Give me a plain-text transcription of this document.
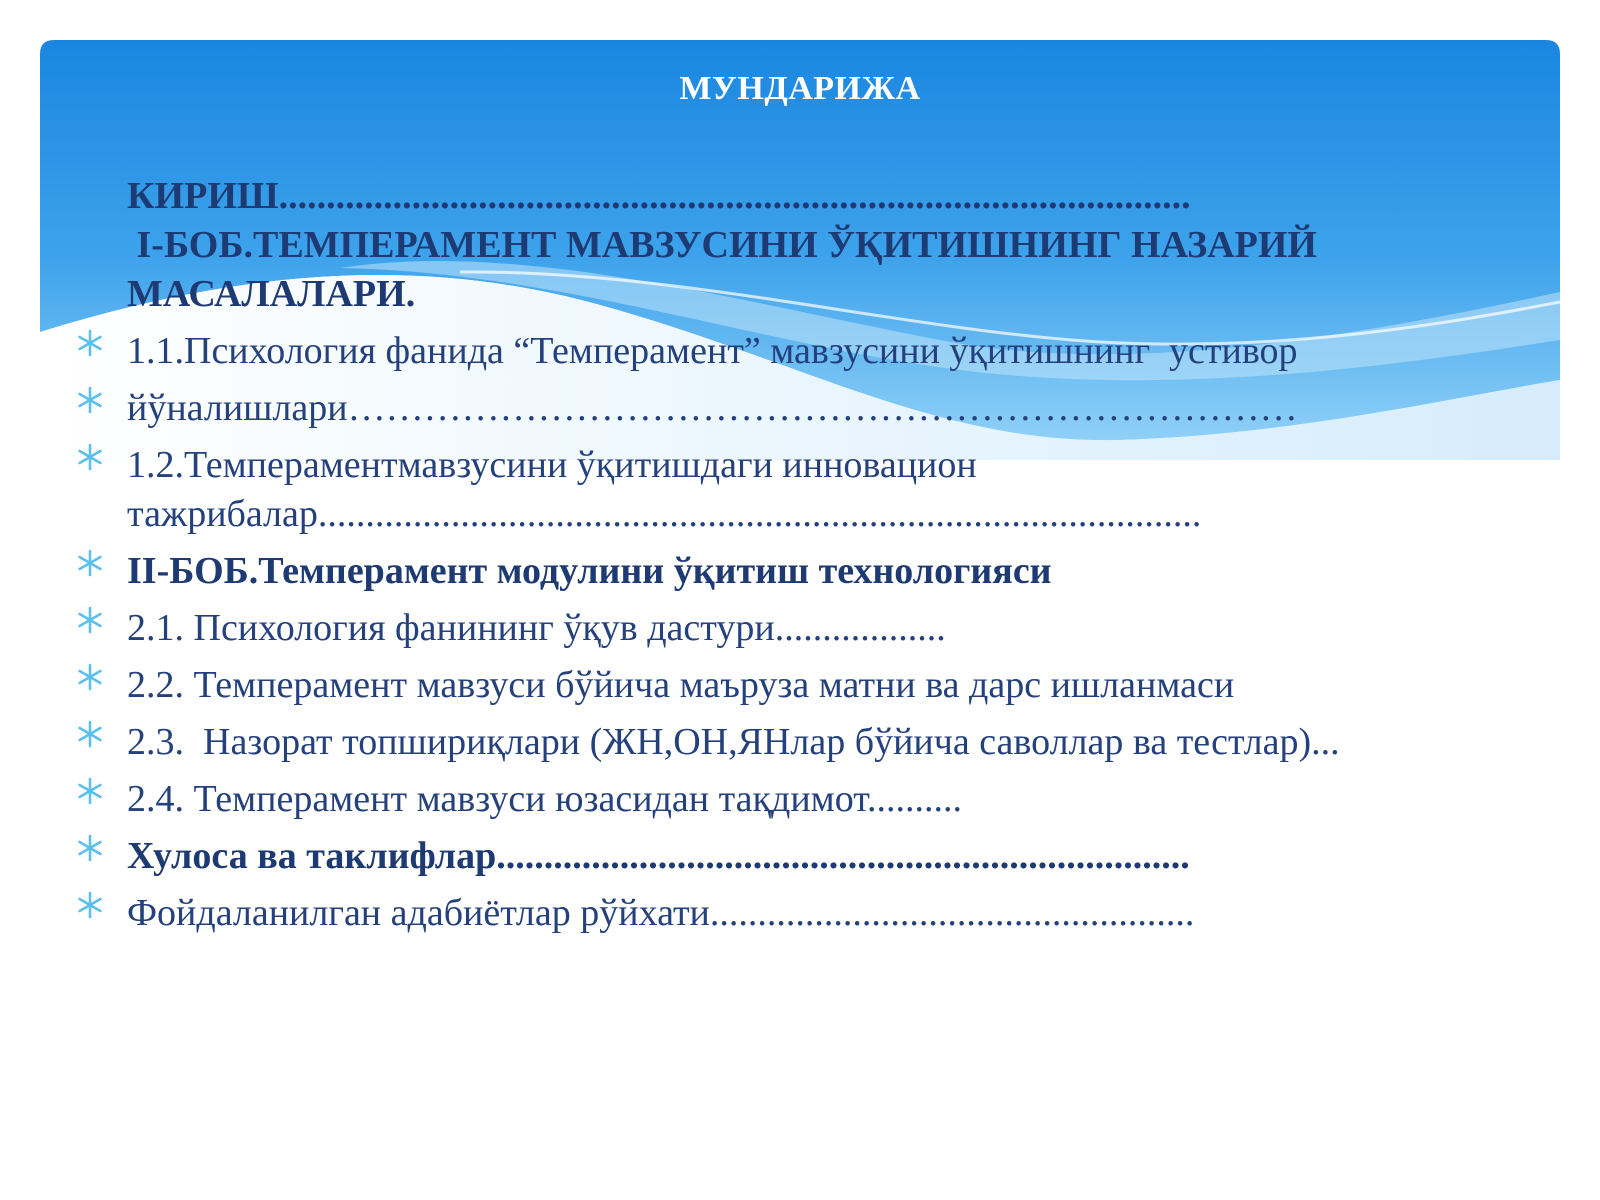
МУНДАРИЖА

КИРИШ................................................................................................

І-БОБ.ТЕМПЕРАМЕНТ МАВЗУСИНИ ЎҚИТИШНИНГ НАЗАРИЙ МАСАЛАЛАРИ.

1.1.Психология фанида “Темперамент” мавзусини ўқитишнинг  устивор

йўналишлари…………………………………………………………………

1.2.Темпераментмавзусини ўқитишдаги инновацион тажрибалар.............................................................................................

ІІ-БОБ.Темперамент модулини ўқитиш технологияси

2.1. Психология фанининг ўқув дастури..................

2.2. Темперамент мавзуси бўйича маъруза матни ва дарс ишланмаси

2.3.  Назорат топшириқлари (ЖН,ОН,ЯНлар бўйича саволлар ва тестлар)...

2.4. Темперамент мавзуси юзасидан тақдимот..........

Хулоса ва таклифлар.........................................................................

Фойдаланилган адабиётлар рўйхати...................................................
